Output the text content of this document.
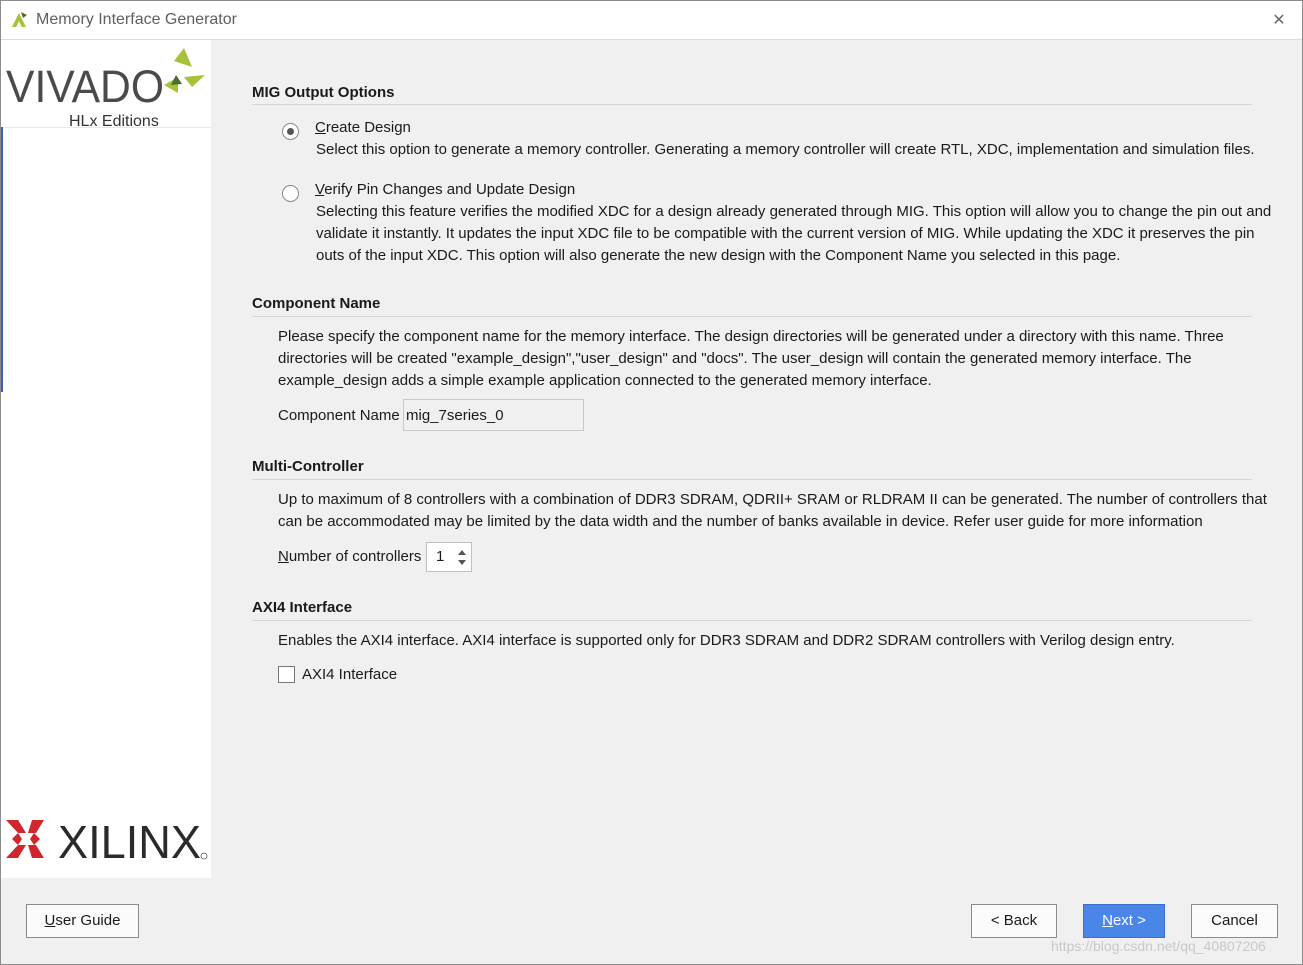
Memory Interface Generator
✕
VIVADO
HLx Editions
XILINX
MIG Output Options
Create Design
Select this option to generate a memory controller. Generating a memory controller will create RTL, XDC, implementation and simulation files.
Verify Pin Changes and Update Design
Selecting this feature verifies the modified XDC for a design already generated through MIG. This option will allow you to change the pin out and
validate it instantly. It updates the input XDC file to be compatible with the current version of MIG. While updating the XDC it preserves the pin
outs of the input XDC. This option will also generate the new design with the Component Name you selected in this page.
Component Name
Please specify the component name for the memory interface. The design directories will be generated under a directory with this name. Three
directories will be created "example_design","user_design" and "docs". The user_design will contain the generated memory interface. The
example_design adds a simple example application connected to the generated memory interface.
Component Name
mig_7series_0
Multi-Controller
Up to maximum of 8 controllers with a combination of DDR3 SDRAM, QDRII+ SRAM or RLDRAM II can be generated. The number of controllers that
can be accommodated may be limited by the data width and the number of banks available in device. Refer user guide for more information
Number of controllers 1
AXI4 Interface
Enables the AXI4 interface. AXI4 interface is supported only for DDR3 SDRAM and DDR2 SDRAM controllers with Verilog design entry.
AXI4 Interface
User Guide	< Back	Next >	Cancel
https://blog.csdn.net/qq_40807206
